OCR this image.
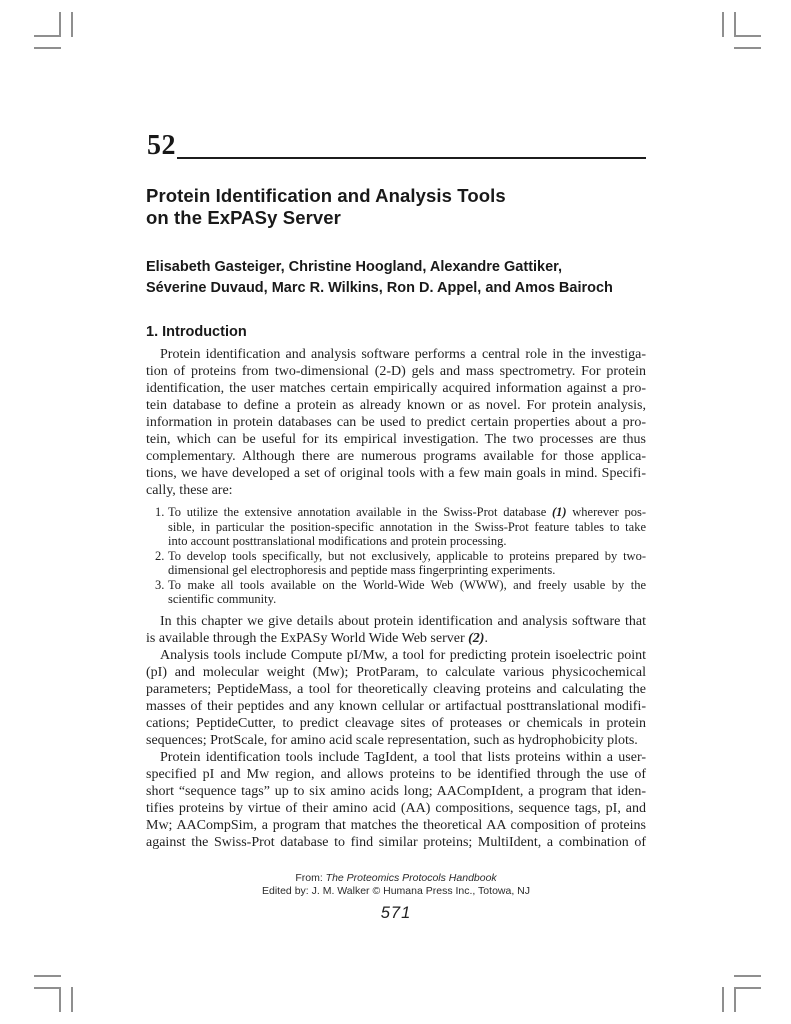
52
Protein Identification and Analysis Tools
on the ExPASy Server
Elisabeth Gasteiger, Christine Hoogland, Alexandre Gattiker,
Séverine Duvaud, Marc R. Wilkins, Ron D. Appel, and Amos Bairoch
1. Introduction
Protein identification and analysis software performs a central role in the investiga-
tion of proteins from two-dimensional (2-D) gels and mass spectrometry. For protein
identification, the user matches certain empirically acquired information against a pro-
tein database to define a protein as already known or as novel. For protein analysis,
information in protein databases can be used to predict certain properties about a pro-
tein, which can be useful for its empirical investigation. The two processes are thus
complementary. Although there are numerous programs available for those applica-
tions, we have developed a set of original tools with a few main goals in mind. Specifi-
cally, these are:
1. To utilize the extensive annotation available in the Swiss-Prot database (1) wherever pos-
sible, in particular the position-specific annotation in the Swiss-Prot feature tables to take
into account posttranslational modifications and protein processing.
2. To develop tools specifically, but not exclusively, applicable to proteins prepared by two-
dimensional gel electrophoresis and peptide mass fingerprinting experiments.
3. To make all tools available on the World-Wide Web (WWW), and freely usable by the
scientific community.
In this chapter we give details about protein identification and analysis software that
is available through the ExPASy World Wide Web server (2).
Analysis tools include Compute pI/Mw, a tool for predicting protein isoelectric point
(pI) and molecular weight (Mw); ProtParam, to calculate various physicochemical
parameters; PeptideMass, a tool for theoretically cleaving proteins and calculating the
masses of their peptides and any known cellular or artifactual posttranslational modifi-
cations; PeptideCutter, to predict cleavage sites of proteases or chemicals in protein
sequences; ProtScale, for amino acid scale representation, such as hydrophobicity plots.
Protein identification tools include TagIdent, a tool that lists proteins within a user-
specified pI and Mw region, and allows proteins to be identified through the use of
short “sequence tags” up to six amino acids long; AACompIdent, a program that iden-
tifies proteins by virtue of their amino acid (AA) compositions, sequence tags, pI, and
Mw; AACompSim, a program that matches the theoretical AA composition of proteins
against the Swiss-Prot database to find similar proteins; MultiIdent, a combination of
From: The Proteomics Protocols Handbook
Edited by: J. M. Walker © Humana Press Inc., Totowa, NJ
571
